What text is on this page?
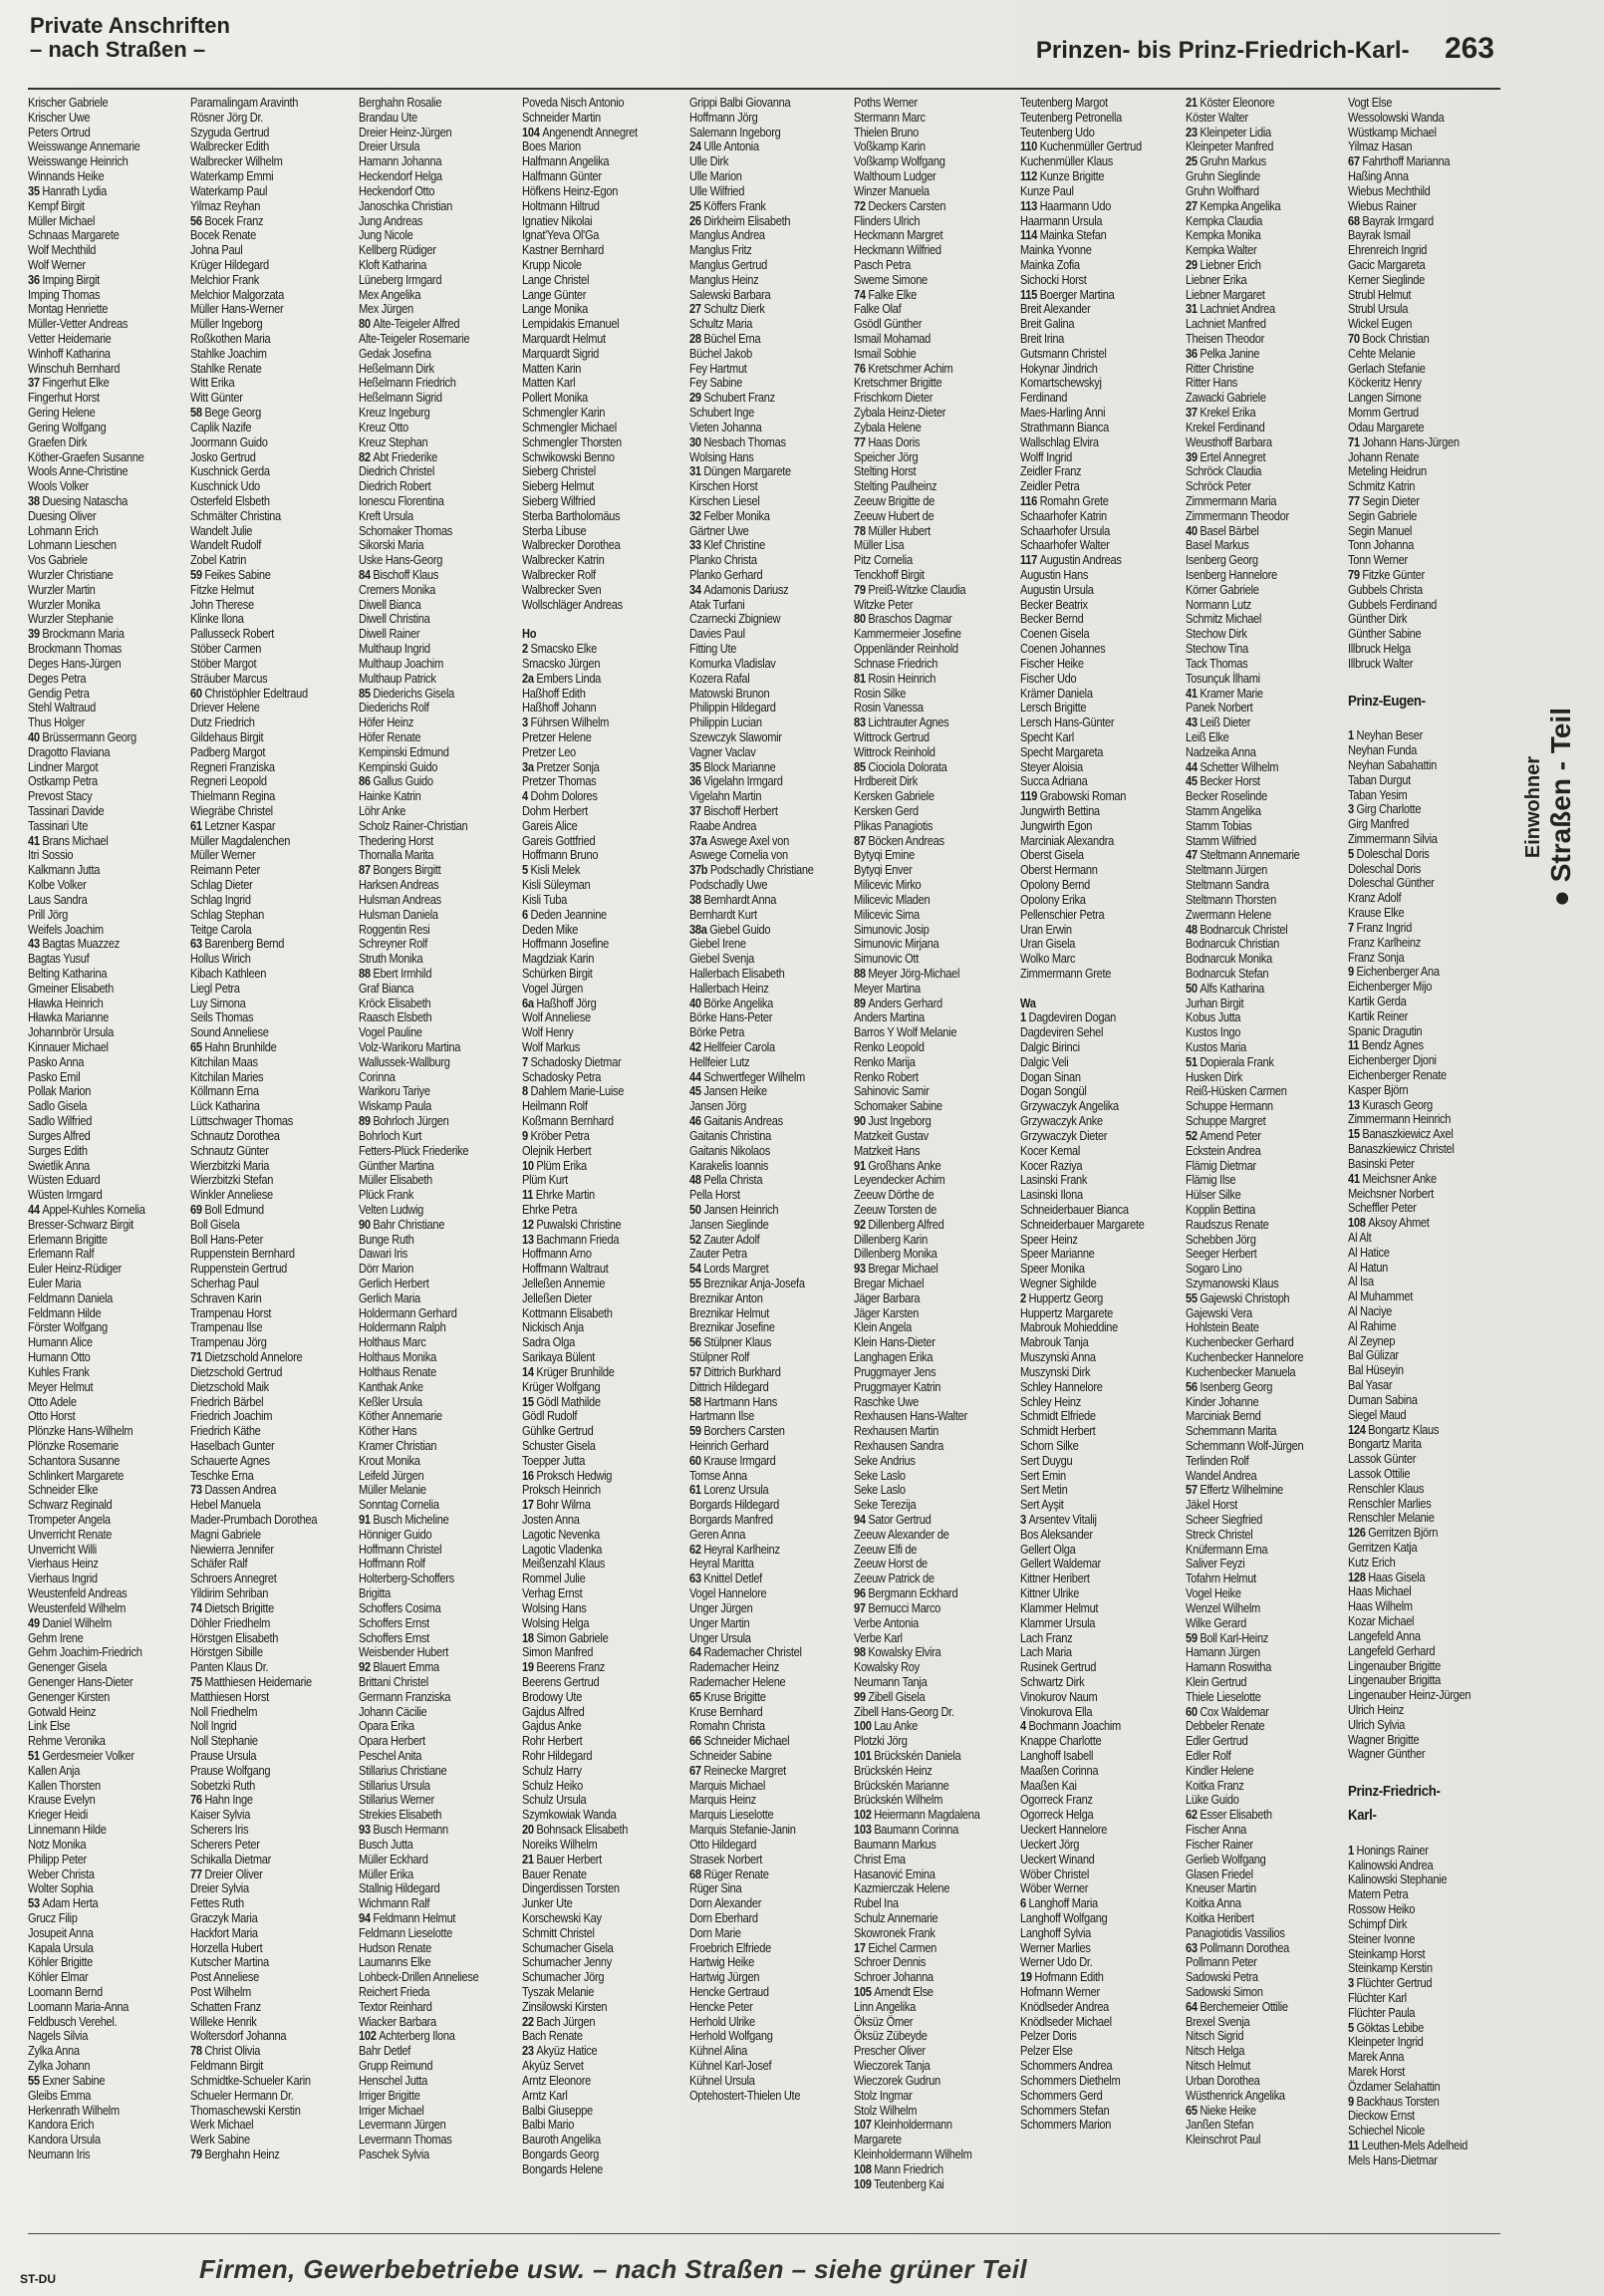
Private Anschriften
– nach Straßen –	Prinzen- bis Prinz-Friedrich-Karl- 263
Krischer Gabriele
Krischer Uwe
Peters Ortrud
Weisswange Annemarie
Weisswange Heinrich
Winnands Heike
35 Hanrath Lydia
Kempf Birgit
Müller Michael
Schnaas Margarete
Wolf Mechthild
Wolf Werner
36 Imping Birgit
Imping Thomas
Montag Henriette
Müller-Vetter Andreas
Vetter Heidemarie
Winhoff Katharina
Winschuh Bernhard
37 Fingerhut Elke
Fingerhut Horst
Gering Helene
Gering Wolfgang
Graefen Dirk
Köther-Graefen Susanne
Wools Anne-Christine
Wools Volker
38 Duesing Natascha
Duesing Oliver
Lohmann Erich
Lohmann Lieschen
Vos Gabriele
Wurzler Christiane
Wurzler Martin
Wurzler Monika
Wurzler Stephanie
39 Brockmann Maria
Brockmann Thomas
Deges Hans-Jürgen
Deges Petra
Gendig Petra
Stehl Waltraud
Thus Holger
40 Brüssermann Georg
Dragotto Flaviana
Lindner Margot
Ostkamp Petra
Prevost Stacy
Tassinari Davide
Tassinari Ute
41 Brans Michael
Itri Sossio
Kalkmann Jutta
Kolbe Volker
Laus Sandra
Prill Jörg
Weifels Joachim
43 Bagtas Muazzez
Bagtas Yusuf
Belting Katharina
Gmeiner Elisabeth
Hławka Heinrich
Hławka Marianne
Johannbrör Ursula
Kinnauer Michael
Pasko Anna
Pasko Emil
Pollak Marion
Sadlo Gisela
Sadlo Wilfried
Surges Alfred
Surges Edith
Swietlik Anna
Wüsten Eduard
Wüsten Irmgard
44 Appel-Kuhles Kornelia
Bresser-Schwarz Birgit
Erlemann Brigitte
Erlemann Ralf
Euler Heinz-Rüdiger
Euler Maria
Feldmann Daniela
Feldmann Hilde
Förster Wolfgang
Humann Alice
Humann Otto
Kuhles Frank
Meyer Helmut
Otto Adele
Otto Horst
Plönzke Hans-Wilhelm
Plönzke Rosemarie
Schantora Susanne
Schlinkert Margarete
Schneider Elke
Schwarz Reginald
Trompeter Angela
Unverricht Renate
Unverricht Willi
Vierhaus Heinz
Vierhaus Ingrid
Weustenfeld Andreas
Weustenfeld Wilhelm
49 Daniel Wilhelm
Gehm Irene
Gehm Joachim-Friedrich
Genenger Gisela
Genenger Hans-Dieter
Genenger Kirsten
Gotwald Heinz
Link Else
Rehme Veronika
51 Gerdesmeier Volker
Kallen Anja
Kallen Thorsten
Krause Evelyn
Krieger Heidi
Linnemann Hilde
Notz Monika
Philipp Peter
Weber Christa
Wolter Sophia
53 Adam Herta
Grucz Filip
Josupeit Anna
Kapala Ursula
Köhler Brigitte
Köhler Elmar
Loomann Bernd
Loomann Maria-Anna
Feldbusch Verehel.
Nagels Silvia
Zylka Anna
Zylka Johann
55 Exner Sabine
Gleibs Emma
Herkenrath Wilhelm
Kandora Erich
Kandora Ursula
Neumann Iris
Paramalingam Aravinth
Rösner Jörg Dr.
Szyguda Gertrud
Walbrecker Edith
Walbrecker Wilhelm
Waterkamp Emmi
Waterkamp Paul
Yilmaz Reyhan
56 Bocek Franz
Bocek Renate
Johna Paul
Krüger Hildegard
Melchior Frank
Melchior Malgorzata
Müller Hans-Werner
Müller Ingeborg
Roßkothen Maria
Stahlke Joachim
Stahlke Renate
Witt Erika
Witt Günter
58 Bege Georg
Caplik Nazife
Joormann Guido
Josko Gertrud
Kuschnick Gerda
Kuschnick Udo
Osterfeld Elsbeth
Schmälter Christina
Wandelt Julie
Wandelt Rudolf
Zobel Katrin
59 Feikes Sabine
Fitzke Helmut
John Therese
Klinke Ilona
Pallusseck Robert
Stöber Carmen
Stöber Margot
Sträuber Marcus
60 Christöphler Edeltraud
Driever Helene
Dutz Friedrich
Gildehaus Birgit
Padberg Margot
Regneri Franziska
Regneri Leopold
Thielmann Regina
Wiegräbe Christel
61 Letzner Kaspar
Müller Magdalenchen
Müller Werner
Reimann Peter
Schlag Dieter
Schlag Ingrid
Schlag Stephan
Teitge Carola
63 Barenberg Bernd
Hollus Wirich
Kibach Kathleen
Liegl Petra
Luy Simona
Seils Thomas
Sound Anneliese
65 Hahn Brunhilde
Kitchilan Maas
Kitchilan Maries
Köllmann Erna
Lück Katharina
Lüttschwager Thomas
Schnautz Dorothea
Schnautz Günter
Wierzbitzki Maria
Wierzbitzki Stefan
Winkler Anneliese
69 Boll Edmund
Boll Gisela
Boll Hans-Peter
Ruppenstein Bernhard
Ruppenstein Gertrud
Scherhag Paul
Schraven Karin
Trampenau Horst
Trampenau Ilse
Trampenau Jörg
71 Dietzschold Annelore
Dietzschold Gertrud
Dietzschold Maik
Friedrich Bärbel
Friedrich Joachim
Friedrich Käthe
Haselbach Gunter
Schauerte Agnes
Teschke Erna
73 Dassen Andrea
Hebel Manuela
Mader-Prumbach Dorothea
Magni Gabriele
Niewierra Jennifer
Schäfer Ralf
Schroers Annegret
Yildirim Sehriban
74 Dietsch Brigitte
Döhler Friedhelm
Hörstgen Elisabeth
Hörstgen Sibille
Panten Klaus Dr.
75 Matthiesen Heidemarie
Matthiesen Horst
Noll Friedhelm
Noll Ingrid
Noll Stephanie
Prause Ursula
Prause Wolfgang
Sobetzki Ruth
76 Hahn Inge
Kaiser Sylvia
Scherers Iris
Scherers Peter
Schikalla Dietmar
77 Dreier Oliver
Dreier Sylvia
Fettes Ruth
Graczyk Maria
Hackfort Maria
Horzella Hubert
Kutscher Martina
Post Anneliese
Post Wilhelm
Schatten Franz
Willeke Henrik
Woltersdorf Johanna
78 Christ Olivia
Feldmann Birgit
Schmidtke-Schueler Karin
Schueler Hermann Dr.
Thomaschewski Kerstin
Werk Michael
Werk Sabine
79 Berghahn Heinz
Berghahn Rosalie
Brandau Ute
Dreier Heinz-Jürgen
Dreier Ursula
Hamann Johanna
Heckendorf Helga
Heckendorf Otto
Janoschka Christian
Jung Andreas
Jung Nicole
Kellberg Rüdiger
Kloft Katharina
Lüneberg Irmgard
Mex Angelika
Mex Jürgen
80 Alte-Teigeler Alfred
Alte-Teigeler Rosemarie
Gedak Josefina
Heßelmann Dirk
Heßelmann Friedrich
Heßelmann Sigrid
Kreuz Ingeburg
Kreuz Otto
Kreuz Stephan
82 Abt Friederike
Diedrich Christel
Diedrich Robert
Ionescu Florentina
Kreft Ursula
Schomaker Thomas
Sikorski Maria
Uske Hans-Georg
84 Bischoff Klaus
Cremers Monika
Diwell Bianca
Diwell Christina
Diwell Rainer
Multhaup Ingrid
Multhaup Joachim
Multhaup Patrick
85 Diederichs Gisela
Diederichs Rolf
Höfer Heinz
Höfer Renate
Kempinski Edmund
Kempinski Guido
86 Gallus Guido
Hainke Katrin
Löhr Anke
Scholz Rainer-Christian
Thedering Horst
Thornalla Marita
87 Bongers Birgitt
Harksen Andreas
Hulsman Andreas
Hulsman Daniela
Roggentin Resi
Schreyner Rolf
Struth Monika
88 Ebert Irmhild
Graf Bianca
Kröck Elisabeth
Raasch Elsbeth
Vogel Pauline
Volz-Warikoru Martina
Wallussek-Wallburg
Corinna
Warikoru Tariye
Wiskamp Paula
89 Bohrloch Jürgen
Bohrloch Kurt
Fetters-Plück Friederike
Günther Martina
Müller Elisabeth
Plück Frank
Velten Ludwig
90 Bahr Christiane
Bunge Ruth
Dawari Iris
Dörr Marion
Gerlich Herbert
Gerlich Maria
Holdermann Gerhard
Holdermann Ralph
Holthaus Marc
Holthaus Monika
Holthaus Renate
Kanthak Anke
Keßler Ursula
Köther Annemarie
Köther Hans
Kramer Christian
Krout Monika
Leifeld Jürgen
Müller Melanie
Sonntag Cornelia
91 Busch Micheline
Hönniger Guido
Hoffmann Christel
Hoffmann Rolf
Holterberg-Schoffers
Brigitta
Schoffers Cosima
Schoffers Ernst
Schoffers Ernst
Weisbender Hubert
92 Blauert Emma
Brittani Christel
Germann Franziska
Johann Cäcilie
Opara Erika
Opara Herbert
Peschel Anita
Stillarius Christiane
Stillarius Ursula
Stillarius Werner
Strekies Elisabeth
93 Busch Hermann
Busch Jutta
Müller Eckhard
Müller Erika
Stallnig Hildegard
Wichmann Ralf
94 Feldmann Helmut
Feldmann Lieselotte
Hudson Renate
Laumanns Elke
Lohbeck-Drillen Anneliese
Reichert Frieda
Textor Reinhard
Wiacker Barbara
102 Achterberg Ilona
Bahr Detlef
Grupp Reimund
Henschel Jutta
Irriger Brigitte
Irriger Michael
Levermann Jürgen
Levermann Thomas
Paschek Sylvia
Poveda Nisch Antonio
Schneider Martin
104 Angenendt Annegret
Boes Marion
Halfmann Angelika
Halfmann Günter
Höfkens Heinz-Egon
Holtmann Hiltrud
Ignatiev Nikolai
Ignat'Yeva Ol'Ga
Kastner Bernhard
Krupp Nicole
Lange Christel
Lange Günter
Lange Monika
Lempidakis Emanuel
Marquardt Helmut
Marquardt Sigrid
Matten Karin
Matten Karl
Pollert Monika
Schmengler Karin
Schmengler Michael
Schmengler Thorsten
Schwikowski Benno
Sieberg Christel
Sieberg Helmut
Sieberg Wilfried
Sterba Bartholomäus
Sterba Libuse
Walbrecker Dorothea
Walbrecker Katrin
Walbrecker Rolf
Walbrecker Sven
Wollschläger Andreas

Ho
2 Smacsko Elke
Smacsko Jürgen
2a Embers Linda
Haßhoff Edith
Haßhoff Johann
3 Führsen Wilhelm
Pretzer Helene
Pretzer Leo
3a Pretzer Sonja
Pretzer Thomas
4 Dohm Dolores
Dohm Herbert
Gareis Alice
Gareis Gottfried
Hoffmann Bruno
5 Kisli Melek
Kisli Süleyman
Kisli Tuba
6 Deden Jeannine
Deden Mike
Hoffmann Josefine
Magdziak Karin
Schürken Birgit
Vogel Jürgen
6a Haßhoff Jörg
Wolf Anneliese
Wolf Henry
Wolf Markus
7 Schadosky Dietmar
Schadosky Petra
8 Dahlem Marie-Luise
Heilmann Rolf
Koßmann Bernhard
9 Kröber Petra
Olejnik Herbert
10 Plüm Erika
Plüm Kurt
11 Ehrke Martin
Ehrke Petra
12 Puwalski Christine
13 Bachmann Frieda
Hoffmann Arno
Hoffmann Waltraut
Jelleßen Annemie
Jelleßen Dieter
Kottmann Elisabeth
Nickisch Anja
Sadra Olga
Sarikaya Bülent
14 Krüger Brunhilde
Krüger Wolfgang
15 Gödl Mathilde
Gödl Rudolf
Gühlke Gertrud
Schuster Gisela
Toepper Jutta
16 Proksch Hedwig
Proksch Heinrich
17 Bohr Wilma
Josten Anna
Lagotic Nevenka
Lagotic Vladenka
Meißenzahl Klaus
Rommel Julie
Verhag Ernst
Wolsing Hans
Wolsing Helga
18 Simon Gabriele
Simon Manfred
19 Beerens Franz
Beerens Gertrud
Brodowy Ute
Gajdus Alfred
Gajdus Anke
Rohr Herbert
Rohr Hildegard
Schulz Harry
Schulz Heiko
Schulz Ursula
Szymkowiak Wanda
20 Bohnsack Elisabeth
Noreiks Wilhelm
21 Bauer Herbert
Bauer Renate
Dingerdissen Torsten
Junker Ute
Korschewski Kay
Schmitt Christel
Schumacher Gisela
Schumacher Jenny
Schumacher Jörg
Tyszak Melanie
Zinsilowski Kirsten
22 Bach Jürgen
Bach Renate
23 Akyüz Hatice
Akyüz Servet
Arntz Eleonore
Arntz Karl
Balbi Giuseppe
Balbi Mario
Bauroth Angelika
Bongards Georg
Bongards Helene
Grippi Balbi Giovanna
Hoffmann Jörg
Salemann Ingeborg
24 Ulle Antonia
Ulle Dirk
Ulle Marion
Ulle Wilfried
25 Köffers Frank
26 Dirkheim Elisabeth
Manglus Andrea
Manglus Fritz
Manglus Gertrud
Manglus Heinz
Salewski Barbara
27 Schultz Dierk
Schultz Maria
28 Büchel Erna
Büchel Jakob
Fey Hartmut
Fey Sabine
29 Schubert Franz
Schubert Inge
Vieten Johanna
30 Nesbach Thomas
Wolsing Hans
31 Düngen Margarete
Kirschen Horst
Kirschen Liesel
32 Felber Monika
Gärtner Uwe
33 Klef Christine
Planko Christa
Planko Gerhard
34 Adamonis Dariusz
Atak Turfani
Czarnecki Zbigniew
Davies Paul
Fitting Ute
Komurka Vladislav
Kozera Rafal
Matowski Brunon
Philippin Hildegard
Philippin Lucian
Szewczyk Slawomir
Vagner Vaclav
35 Block Marianne
36 Vigelahn Irmgard
Vigelahn Martin
37 Bischoff Herbert
Raabe Andrea
37a Aswege Axel von
Aswege Cornelia von
37b Podschadly Christiane
Podschadly Uwe
38 Bernhardt Anna
Bernhardt Kurt
38a Giebel Guido
Giebel Irene
Giebel Svenja
Hallerbach Elisabeth
Hallerbach Heinz
40 Börke Angelika
Börke Hans-Peter
Börke Petra
42 Hellfeier Carola
Hellfeier Lutz
44 Schwertfeger Wilhelm
45 Jansen Heike
Jansen Jörg
46 Gaitanis Andreas
Gaitanis Christina
Gaitanis Nikolaos
Karakelis Ioannis
48 Pella Christa
Pella Horst
50 Jansen Heinrich
Jansen Sieglinde
52 Zauter Adolf
Zauter Petra
54 Lords Margret
55 Breznikar Anja-Josefa
Breznikar Anton
Breznikar Helmut
Breznikar Josefine
56 Stülpner Klaus
Stülpner Rolf
57 Dittrich Burkhard
Dittrich Hildegard
58 Hartmann Hans
Hartmann Ilse
59 Borchers Carsten
Heinrich Gerhard
60 Krause Irmgard
Tomse Anna
61 Lorenz Ursula
Borgards Hildegard
Borgards Manfred
Geren Anna
62 Heyral Karlheinz
Heyral Maritta
63 Knittel Detlef
Vogel Hannelore
Unger Jürgen
Unger Martin
Unger Ursula
64 Rademacher Christel
Rademacher Heinz
Rademacher Helene
65 Kruse Brigitte
Kruse Bernhard
Romahn Christa
66 Schneider Michael
Schneider Sabine
67 Reinecke Margret
Marquis Michael
Marquis Heinz
Marquis Lieselotte
Marquis Stefanie-Janin
Otto Hildegard
Strasek Norbert
68 Rüger Renate
Rüger Sina
Dorn Alexander
Dorn Eberhard
Dorn Marie
Froebrich Elfriede
Hartwig Heike
Hartwig Jürgen
Hencke Gertraud
Hencke Peter
Herhold Ulrike
Herhold Wolfgang
Kühnel Alina
Kühnel Karl-Josef
Kühnel Ursula
Optehostert-Thielen Ute
Poths Werner
Stermann Marc
Thielen Bruno
Voßkamp Karin
Voßkamp Wolfgang
Walthoum Ludger
Winzer Manuela
72 Deckers Carsten
Flinders Ulrich
Heckmann Margret
Heckmann Wilfried
Pasch Petra
Sweme Simone
74 Falke Elke
Falke Olaf
Gsödl Günther
Ismail Mohamad
Ismail Sobhie
76 Kretschmer Achim
Kretschmer Brigitte
Frischkorn Dieter
Zybala Heinz-Dieter
Zybala Helene
77 Haas Doris
Speicher Jörg
Stelting Horst
Stelting Paulheinz
Zeeuw Brigitte de
Zeeuw Hubert de
78 Müller Hubert
Müller Lisa
Pitz Cornelia
Tenckhoff Birgit
79 Preiß-Witzke Claudia
Witzke Peter
80 Braschos Dagmar
Kammermeier Josefine
Oppenländer Reinhold
Schnase Friedrich
81 Rosin Heinrich
Rosin Silke
Rosin Vanessa
83 Lichtrauter Agnes
Wittrock Gertrud
Wittrock Reinhold
85 Ciociola Dolorata
Hrdbereit Dirk
Kersken Gabriele
Kersken Gerd
Plikas Panagiotis
87 Böcken Andreas
Bytyqi Emine
Bytyqi Enver
Milicevic Mirko
Milicevic Mladen
Milicevic Sima
Simunovic Josip
Simunovic Mirjana
Simunovic Ott
88 Meyer Jörg-Michael
Meyer Martina
89 Anders Gerhard
Anders Martina
Barros Y Wolf Melanie
Renko Leopold
Renko Marija
Renko Robert
Sahinovic Samir
Schomaker Sabine
90 Just Ingeborg
Matzkeit Gustav
Matzkeit Hans
91 Großhans Anke
Leyendecker Achim
Zeeuw Dörthe de
Zeeuw Torsten de
92 Dillenberg Alfred
Dillenberg Karin
Dillenberg Monika
93 Bregar Michael
Bregar Michael
Jäger Barbara
Jäger Karsten
Klein Angela
Klein Hans-Dieter
Langhagen Erika
Pruggmayer Jens
Pruggmayer Katrin
Raschke Uwe
Rexhausen Hans-Walter
Rexhausen Martin
Rexhausen Sandra
Seke Andrius
Seke Laslo
Seke Laslo
Seke Terezija
94 Sator Gertrud
Zeeuw Alexander de
Zeeuw Elfi de
Zeeuw Horst de
Zeeuw Patrick de
96 Bergmann Eckhard
97 Bernucci Marco
Verbe Antonia
Verbe Karl
98 Kowalsky Elvira
Kowalsky Roy
Neumann Tanja
99 Zibell Gisela
Zibell Hans-Georg Dr.
100 Lau Anke
Plotzki Jörg
101 Brückskén Daniela
Brückskén Heinz
Brückskén Marianne
Brückskén Wilhelm
102 Heiermann Magdalena
103 Baumann Corinna
Baumann Markus
Christ Ema
Hasanović Emina
Kazmierczak Helene
Rubel Ina
Schulz Annemarie
Skowronek Frank
17 Eichel Carmen
Schroer Dennis
Schroer Johanna
105 Amendt Else
Linn Angelika
Öksüz Ömer
Öksüz Zübeyde
Prescher Oliver
Wieczorek Tanja
Wieczorek Gudrun
Stolz Ingmar
Stolz Wilhelm
107 Kleinholdermann
Margarete
Kleinholdermann Wilhelm
108 Mann Friedrich
109 Teutenberg Kai
Teutenberg Margot
Teutenberg Petronella
Teutenberg Udo
110 Kuchenmüller Gertrud
Kuchenmüller Klaus
112 Kunze Brigitte
Kunze Paul
113 Haarmann Udo
Haarmann Ursula
114 Mainka Stefan
Mainka Yvonne
Mainka Zofia
Sichocki Horst
115 Boerger Martina
Breit Alexander
Breit Galina
Breit Irina
Gutsmann Christel
Hokynar Jindrich
Komartschewskyj
Ferdinand
Maes-Harling Anni
Strathmann Bianca
Wallschlag Elvira
Wolff Ingrid
Zeidler Franz
Zeidler Petra
116 Romahn Grete
Schaarhofer Katrin
Schaarhofer Ursula
Schaarhofer Walter
117 Augustin Andreas
Augustin Hans
Augustin Ursula
Becker Beatrix
Becker Bernd
Coenen Gisela
Coenen Johannes
Fischer Heike
Fischer Udo
Krämer Daniela
Lersch Brigitte
Lersch Hans-Günter
Specht Karl
Specht Margareta
Steyer Aloisia
Succa Adriana
119 Grabowski Roman
Jungwirth Bettina
Jungwirth Egon
Marciniak Alexandra
Oberst Gisela
Oberst Hermann
Opolony Bernd
Opolony Erika
Pellenschier Petra
Uran Erwin
Uran Gisela
Wolko Marc
Zimmermann Grete

Wa
1 Dagdeviren Dogan
Dagdeviren Sehel
Dalgic Birinci
Dalgic Veli
Dogan Sinan
Dogan Songül
Grzywaczyk Angelika
Grzywaczyk Anke
Grzywaczyk Dieter
Kocer Kemal
Kocer Raziya
Lasinski Frank
Lasinski Ilona
Schneiderbauer Bianca
Schneiderbauer Margarete
Speer Heinz
Speer Marianne
Speer Monika
Wegner Sighilde
2 Huppertz Georg
Huppertz Margarete
Mabrouk Mohieddine
Mabrouk Tanja
Muszynski Anna
Muszynski Dirk
Schley Hannelore
Schley Heinz
Schmidt Elfriede
Schmidt Herbert
Schorn Silke
Sert Duygu
Sert Emin
Sert Metin
Sert Ayşit
3 Arsentev Vitalij
Bos Aleksander
Gellert Olga
Gellert Waldemar
Kittner Heribert
Kittner Ulrike
Klammer Helmut
Klammer Ursula
Lach Franz
Lach Maria
Rusinek Gertrud
Schwartz Dirk
Vinokurov Naum
Vinokurova Ella
4 Bochmann Joachim
Knappe Charlotte
Langhoff Isabell
Maaßen Corinna
Maaßen Kai
Ogorreck Franz
Ogorreck Helga
Ueckert Hannelore
Ueckert Jörg
Ueckert Winand
Wöber Christel
Wöber Werner
6 Langhoff Maria
Langhoff Wolfgang
Langhoff Sylvia
Werner Marlies
Werner Udo Dr.
19 Hofmann Edith
Hofmann Werner
Knödlseder Andrea
Knödlseder Michael
Pelzer Doris
Pelzer Else
Schommers Andrea
Schommers Diethelm
Schommers Gerd
Schommers Stefan
Schommers Marion
21 Köster Eleonore
Köster Walter
23 Kleinpeter Lidia
Kleinpeter Manfred
25 Gruhn Markus
Gruhn Sieglinde
Gruhn Wolfhard
27 Kempka Angelika
Kempka Claudia
Kempka Monika
Kempka Walter
29 Liebner Erich
Liebner Erika
Liebner Margaret
31 Lachniet Andrea
Lachniet Manfred
Theisen Theodor
36 Pelka Janine
Ritter Christine
Ritter Hans
Zawacki Gabriele
37 Krekel Erika
Krekel Ferdinand
Weusthoff Barbara
39 Ertel Annegret
Schröck Claudia
Schröck Peter
Zimmermann Maria
Zimmermann Theodor
40 Basel Bärbel
Basel Markus
Isenberg Georg
Isenberg Hannelore
Körner Gabriele
Normann Lutz
Schmitz Michael
Stechow Dirk
Stechow Tina
Tack Thomas
Tosunçuk İlhami
41 Kramer Marie
Panek Norbert
43 Leiß Dieter
Leiß Elke
Nadzeika Anna
44 Schetter Wilhelm
45 Becker Horst
Becker Roselinde
Stamm Angelika
Stamm Tobias
Stamm Wilfried
47 Steltmann Annemarie
Steltmann Jürgen
Steltmann Sandra
Steltmann Thorsten
Zwermann Helene
48 Bodnarcuk Christel
Bodnarcuk Christian
Bodnarcuk Monika
Bodnarcuk Stefan
50 Alfs Katharina
Jurhan Birgit
Kobus Jutta
Kustos Ingo
Kustos Maria
51 Dopierala Frank
Husken Dirk
Reiß-Hüsken Carmen
Schuppe Hermann
Schuppe Margret
52 Amend Peter
Eckstein Andrea
Flämig Dietmar
Flämig Ilse
Hülser Silke
Kopplin Bettina
Raudszus Renate
Schebben Jörg
Seeger Herbert
Sogaro Lino
Szymanowski Klaus
55 Gajewski Christoph
Gajewski Vera
Hohlstein Beate
Kuchenbecker Gerhard
Kuchenbecker Hannelore
Kuchenbecker Manuela
56 Isenberg Georg
Kinder Johanne
Marciniak Bernd
Schemmann Marita
Schemmann Wolf-Jürgen
Terlinden Rolf
Wandel Andrea
57 Effertz Wilhelmine
Jäkel Horst
Scheer Siegfried
Streck Christel
Knüfermann Erna
Saliver Feyzi
Tofahrn Helmut
Vogel Heike
Wenzel Wilhelm
Wilke Gerard
59 Boll Karl-Heinz
Hamann Jürgen
Hamann Roswitha
Klein Gertrud
Thiele Lieselotte
60 Cox Waldemar
Debbeler Renate
Edler Gertrud
Edler Rolf
Kindler Helene
Koitka Franz
Lüke Guido
62 Esser Elisabeth
Fischer Anna
Fischer Rainer
Gerlieb Wolfgang
Glasen Friedel
Kneuser Martin
Koitka Anna
Koitka Heribert
Panagiotidis Vassilios
63 Pollmann Dorothea
Pollmann Peter
Sadowski Petra
Sadowski Simon
64 Berchemeier Ottilie
Brexel Svenja
Nitsch Sigrid
Nitsch Helga
Nitsch Helmut
Urban Dorothea
Wüsthenrick Angelika
65 Nieke Heike
Janßen Stefan
Kleinschrot Paul
Vogt Else
Wessolowski Wanda
Wüstkamp Michael
Yilmaz Hasan
67 Fahrthoff Marianna
Haßing Anna
Wiebus Mechthild
Wiebus Rainer
68 Bayrak Irmgard
Bayrak Ismail
Ehrenreich Ingrid
Gacic Margareta
Kerner Sieglinde
Strubl Helmut
Strubl Ursula
Wickel Eugen
70 Bock Christian
Cehte Melanie
Gerlach Stefanie
Köckeritz Henry
Langen Simone
Momm Gertrud
Odau Margarete
71 Johann Hans-Jürgen
Johann Renate
Meteling Heidrun
Schmitz Katrin
77 Segin Dieter
Segin Gabriele
Segin Manuel
Tonn Johanna
Tonn Werner
79 Fitzke Günter
Gubbels Christa
Gubbels Ferdinand
Günther Dirk
Günther Sabine
Illbruck Helga
Illbruck Walter

Prinz-Eugen-

1 Neyhan Beser
Neyhan Funda
Neyhan Sabahattin
Taban Durgut
Taban Yesim
3 Girg Charlotte
Girg Manfred
Zimmermann Silvia
5 Doleschal Doris
Doleschal Doris
Doleschal Günther
Kranz Adolf
Krause Elke
7 Franz Ingrid
Franz Karlheinz
Franz Sonja
9 Eichenberger Ana
Eichenberger Mijo
Kartik Gerda
Kartik Reiner
Spanic Dragutin
11 Bendz Agnes
Eichenberger Djoni
Eichenberger Renate
Kasper Björn
13 Kurasch Georg
Zimmermann Heinrich
15 Banaszkiewicz Axel
Banaszkiewicz Christel
Basinski Peter
41 Meichsner Anke
Meichsner Norbert
Scheffler Peter
108 Aksoy Ahmet
Al Alt
Al Hatice
Al Hatun
Al Isa
Al Muhammet
Al Naciye
Al Rahime
Al Zeynep
Bal Gülizar
Bal Hüseyin
Bal Yasar
Duman Sabina
Siegel Maud
124 Bongartz Klaus
Bongartz Marita
Lassok Günter
Lassok Ottilie
Renschler Klaus
Renschler Marlies
Renschler Melanie
126 Gerritzen Björn
Gerritzen Katja
Kutz Erich
128 Haas Gisela
Haas Michael
Haas Wilhelm
Kozar Michael
Langefeld Anna
Langefeld Gerhard
Lingenauber Brigitte
Lingenauber Brigitta
Lingenauber Heinz-Jürgen
Ulrich Heinz
Ulrich Sylvia
Wagner Brigitte
Wagner Günther

Prinz-Friedrich-
Karl-

1 Honings Rainer
Kalinowski Andrea
Kalinowski Stephanie
Matern Petra
Rossow Heiko
Schimpf Dirk
Steiner Ivonne
Steinkamp Horst
Steinkamp Kerstin
3 Flüchter Gertrud
Flüchter Karl
Flüchter Paula
5 Göktas Lebibe
Kleinpeter Ingrid
Marek Anna
Marek Horst
Özdamer Selahattin
9 Backhaus Torsten
Dieckow Ernst
Schiechel Nicole
11 Leuthen-Mels Adelheid
Mels Hans-Dietmar
Einwohner ● Straßen - Teil
ST-DU	Firmen, Gewerbebetriebe usw. – nach Straßen – siehe grüner Teil
